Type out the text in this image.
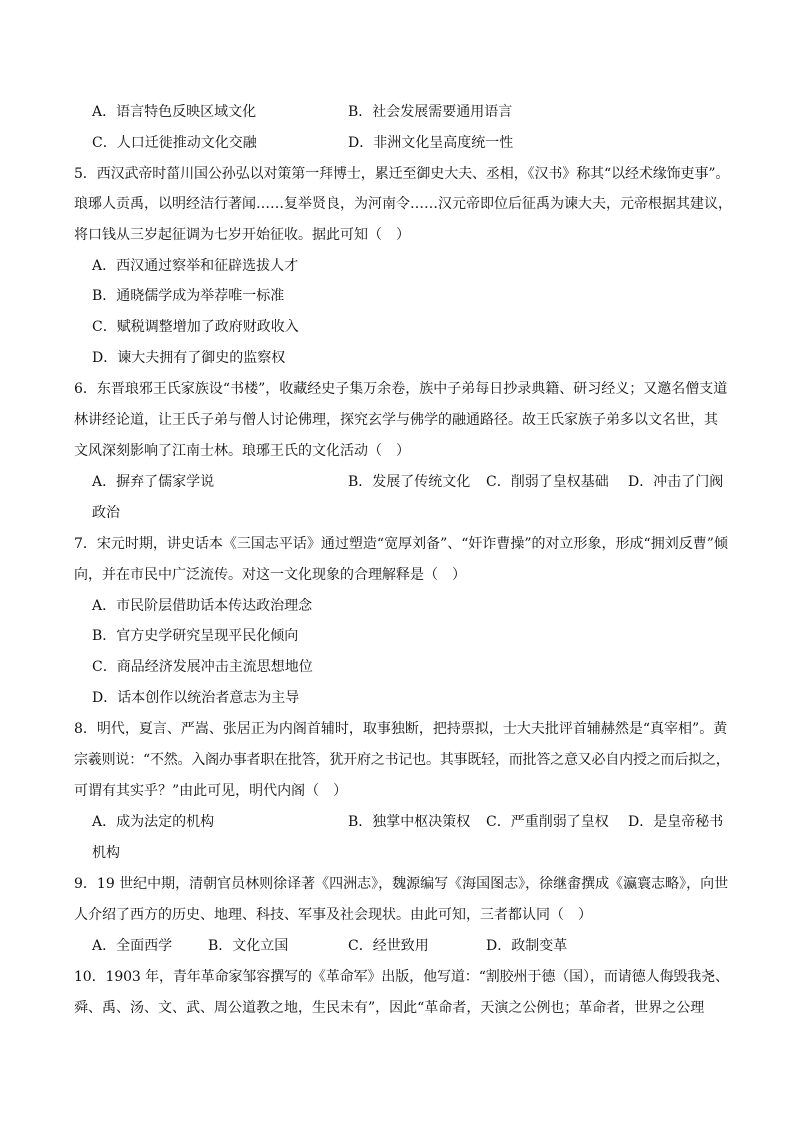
A．语言特色反映区域文化	B．社会发展需要通用语言
C．人口迁徙推动文化交融	D．非洲文化呈高度统一性
5．西汉武帝时菑川国公孙弘以对策第一拜博士，累迁至御史大夫、丞相，《汉书》称其“以经术缘饰吏事”。
琅琊人贡禹，以明经洁行著闻……复举贤良，为河南令……汉元帝即位后征禹为谏大夫，元帝根据其建议，
将口钱从三岁起征调为七岁开始征收。据此可知（　）
A．西汉通过察举和征辟选拔人才
B．通晓儒学成为举荐唯一标准
C．赋税调整增加了政府财政收入
D．谏大夫拥有了御史的监察权
6．东晋琅邪王氏家族设“书楼”，收藏经史子集万余卷，族中子弟每日抄录典籍、研习经义；又邀名僧支道
林讲经论道，让王氏子弟与僧人讨论佛理，探究玄学与佛学的融通路径。故王氏家族子弟多以文名世，其
文风深刻影响了江南士林。琅琊王氏的文化活动（　）
A．摒弃了儒家学说	B．发展了传统文化 C．削弱了皇权基础 D．冲击了门阀
政治
7．宋元时期，讲史话本《三国志平话》通过塑造“宽厚刘备”、“奸诈曹操”的对立形象，形成“拥刘反曹”倾
向，并在市民中广泛流传。对这一文化现象的合理解释是（　）
A．市民阶层借助话本传达政治理念
B．官方史学研究呈现平民化倾向
C．商品经济发展冲击主流思想地位
D．话本创作以统治者意志为主导
8．明代，夏言、严嵩、张居正为内阁首辅时，取事独断，把持票拟，士大夫批评首辅赫然是“真宰相”。黄
宗羲则说：“不然。入阁办事者职在批答，犹开府之书记也。其事既轻，而批答之意又必自内授之而后拟之，
可谓有其实乎？”由此可见，明代内阁（　）
A．成为法定的机构	B．独掌中枢决策权 C．严重削弱了皇权 D．是皇帝秘书
机构
9．19 世纪中期，清朝官员林则徐译著《四洲志》，魏源编写《海国图志》，徐继畬撰成《瀛寰志略》，向世
人介绍了西方的历史、地理、科技、军事及社会现状。由此可知，三者都认同（　）
A．全面西学	B．文化立国	C．经世致用	D．政制变革
10．1903 年，青年革命家邹容撰写的《革命军》出版，他写道：“割胶州于德（国），而请德人侮毁我尧、
舜、禹、汤、文、武、周公道教之地，生民未有”，因此“革命者，天演之公例也；革命者，世界之公理
